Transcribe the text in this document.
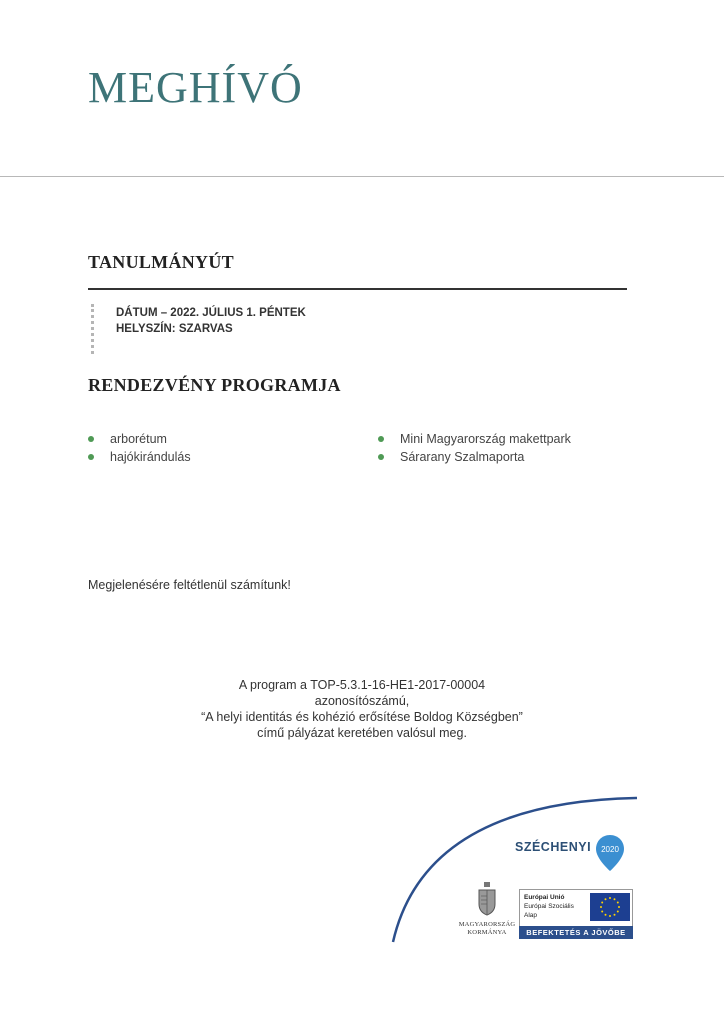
MEGHÍVÓ
TANULMÁNYÚT
DÁTUM – 2022. JÚLIUS 1. PÉNTEK
HELYSZÍN: SZARVAS
RENDEZVÉNY PROGRAMJA
arborétum
hajókirándulás
Mini Magyarország makettpark
Sárarany Szalmaporta
Megjelenésére feltétlenül számítunk!
A program a TOP-5.3.1-16-HE1-2017-00004
azonosítószámú,
“A helyi identitás és kohézió erősítése Boldog Községben”
című pályázat keretében valósul meg.
SZÉCHENYI 2020
MAGYARORSZÁG
KORMÁNYA
Európai Unió
Európai Szociális
Alap
BEFEKTETÉS A JÖVŐBE
